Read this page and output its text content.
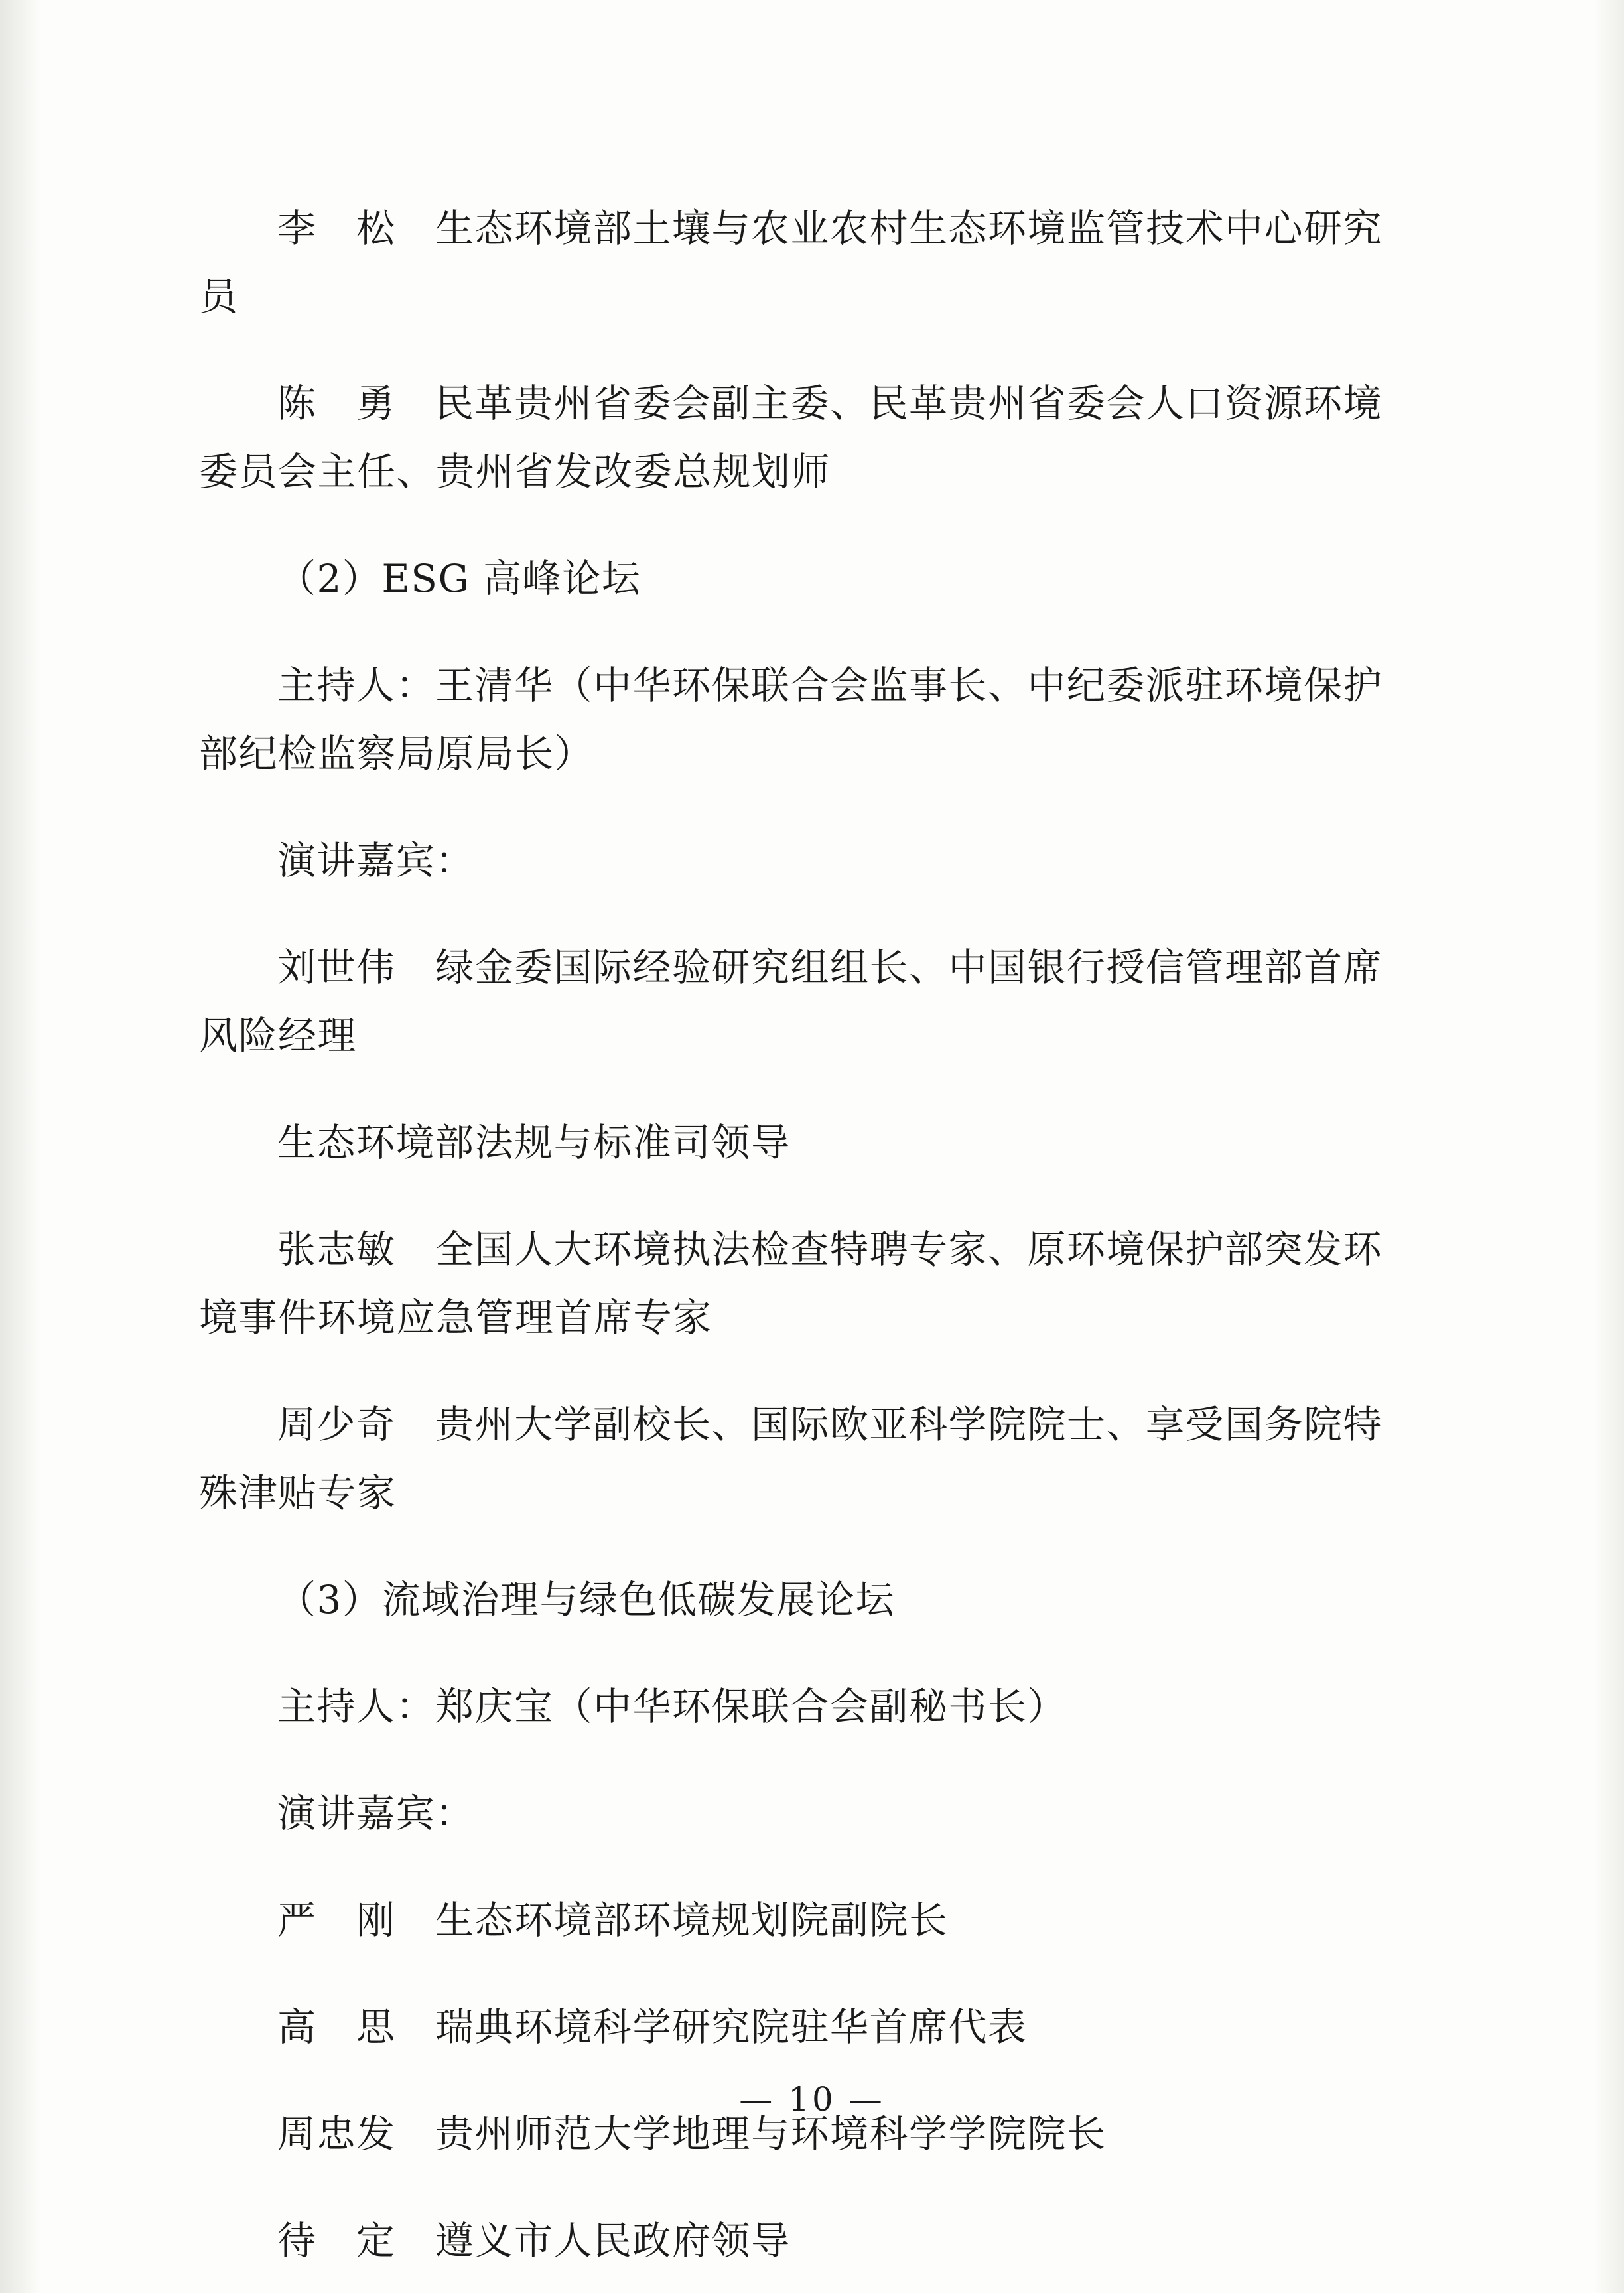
李　松　生态环境部土壤与农业农村生态环境监管技术中心研究员

陈　勇　民革贵州省委会副主委、民革贵州省委会人口资源环境委员会主任、贵州省发改委总规划师

（2）ESG 高峰论坛

主持人：王清华（中华环保联合会监事长、中纪委派驻环境保护部纪检监察局原局长）

演讲嘉宾：

刘世伟　绿金委国际经验研究组组长、中国银行授信管理部首席风险经理

生态环境部法规与标准司领导

张志敏　全国人大环境执法检查特聘专家、原环境保护部突发环境事件环境应急管理首席专家

周少奇　贵州大学副校长、国际欧亚科学院院士、享受国务院特殊津贴专家

（3）流域治理与绿色低碳发展论坛

主持人：郑庆宝（中华环保联合会副秘书长）

演讲嘉宾：

严　刚　生态环境部环境规划院副院长

高　思　瑞典环境科学研究院驻华首席代表

周忠发　贵州师范大学地理与环境科学学院院长

待　定　遵义市人民政府领导

— 10 —
